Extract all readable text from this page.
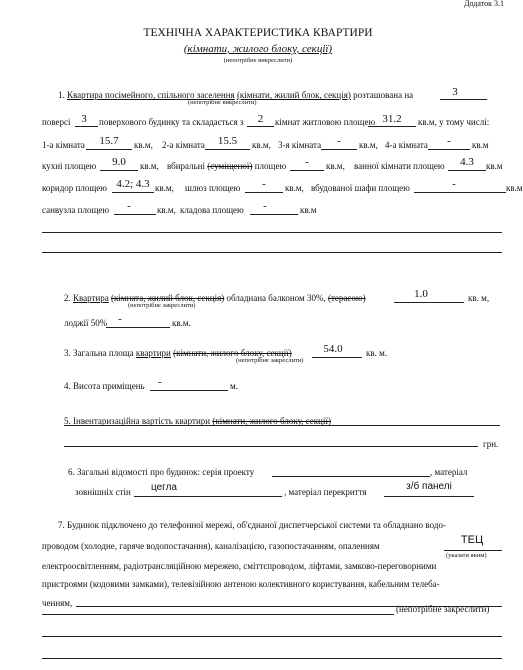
Додаток 3.1
ТЕХНІЧНА ХАРАКТЕРИСТИКА КВАРТИРИ
(кімнати, жилого блоку, секції)
(непотрібне викреслити)
1. Квартира посімейного, спільного заселення (кімнати, жилий блок, секція) розташована на	3
(непотрібне викреслити)
поверсі 3	поверхового будинку та складається з	2	кімнат житловою площею 31.2	кв.м, у тому числі:
1-а кімната	15.7	кв.м, 2-а кімната	15.5	кв.м, 3-я кімната	-	кв.м, 4-а кімната	-	кв.м
кухні площею	9.0	кв.м, вбиральні (суміщеної) площею	-	кв.м, ванної кімнати площею	4.3	кв.м
коридор площею 4.2; 4.3 кв.м, шлюз площею	-	кв.м, вбудованої шафи площею	-	кв.м
санвузла площею	-	кв.м, кладова площею	-	кв.м
2. Квартира (кімната, жилий блок, секція) обладнана балконом 30%, (терасою)	1.0	кв. м,
(непотрібне закреслити)
лоджії 50% -	кв.м.
3. Загальна площа квартири (кімнати, жилого блоку, секції)	54.0	кв. м.
(непотрібне закреслити)
4. Висота приміщень	-	м.
5. Інвентаризаційна вартість квартири (кімнати, жилого блоку, секції)
грн.
6. Загальні відомості про будинок: серія проекту	, матеріал
зовнішніх стін	цегла	, матеріал перекриття	з/б панелі
7. Будинок підключено до телефонної мережі, об'єднаної диспетчерської системи та обладнано водо-
проводом (холодне, гаряче водопостачання), каналізацією, газопостачанням, опаленням	ТЕЦ
(указати яким)
електроосвітленням, радіотрансляційною мережею, сміттєпроводом, ліфтами, замково-переговорними
пристроями (кодовими замками), телевізійною антеною колективного користування, кабельним телеба-
ченням,
(непотрібне закреслити)
